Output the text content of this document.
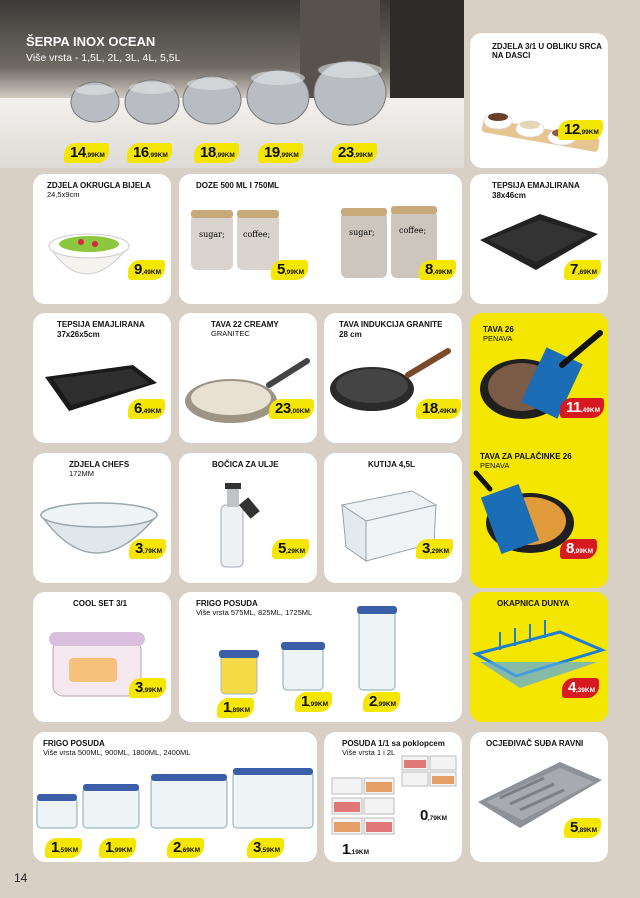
ŠERPA INOX OCEAN
Više vrsta - 1,5L, 2L, 3L, 4L, 5,5L
14 ,99KM 16 ,99KM 18 ,99KM 19 ,99KM	23 ,99KM
ZDJELA 3/1 U OBLIKU SRCA NA DASCI
12 ,99KM
ZDJELA OKRUGLA BIJELA
24,5x9cm
9 ,49KM
DOZE 500 ML I 750ML
sugar; coffee;	sugar;	coffee;
5 ,99KM	8 ,49KM
TEPSIJA EMAJLIRANA
38x46cm
7 ,69KM
TEPSIJA EMAJLIRANA
37x26x5cm
6 ,49KM
TAVA 22 CREAMY
GRANITEC
23 ,00KM
TAVA INDUKCIJA GRANITE
28 cm
18 ,49KM
TAVA 26
PENAVA
11 ,49KM
TAVA ZA PALAČINKE 26
PENAVA
8 ,99KM
ZDJELA CHEFS
172MM
3 ,79KM
BOČICA ZA ULJE
5 ,29KM
KUTIJA 4,5L
3 ,29KM
COOL SET 3/1
3 ,99KM
FRIGO POSUDA
Više vrsta 575ML, 825ML, 1725ML
1 ,89KM
1 ,99KM	2 ,99KM
OKAPNICA DUNYA
4 ,39KM
FRIGO POSUDA
Više vrsta 500ML, 900ML, 1800ML, 2400ML
1 ,59KM 1 ,99KM	2 ,69KM	3 ,59KM
POSUDA 1/1 sa poklopcem
Više vrsta 1 i 2L
0 ,79KM
1 ,19KM
OCJEĐIVAČ SUĐA RAVNI
5 ,89KM
14
